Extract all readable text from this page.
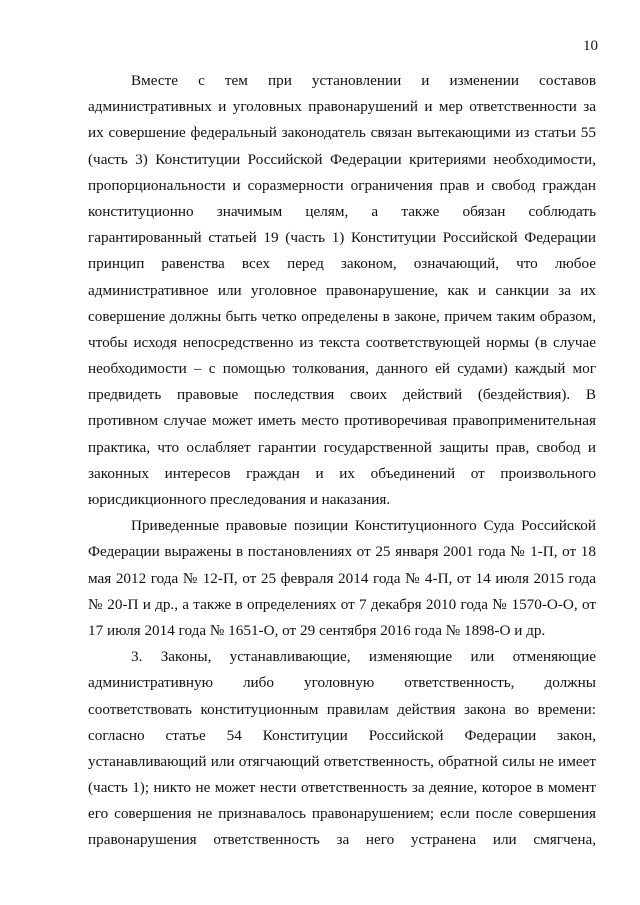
10
Вместе с тем при установлении и изменении составов
административных и уголовных правонарушений и мер ответственности за
их совершение федеральный законодатель связан вытекающими из статьи 55
(часть 3) Конституции Российской Федерации критериями необходимости,
пропорциональности и соразмерности ограничения прав и свобод граждан
конституционно значимым целям, а также обязан соблюдать
гарантированный статьей 19 (часть 1) Конституции Российской Федерации
принцип равенства всех перед законом, означающий, что любое
административное или уголовное правонарушение, как и санкции за их
совершение должны быть четко определены в законе, причем таким образом,
чтобы исходя непосредственно из текста соответствующей нормы (в случае
необходимости – с помощью толкования, данного ей судами) каждый мог
предвидеть правовые последствия своих действий (бездействия). В
противном случае может иметь место противоречивая правоприменительная
практика, что ослабляет гарантии государственной защиты прав, свобод и
законных интересов граждан и их объединений от произвольного
юрисдикционного преследования и наказания.
Приведенные правовые позиции Конституционного Суда Российской
Федерации выражены в постановлениях от 25 января 2001 года № 1-П, от 18
мая 2012 года № 12-П, от 25 февраля 2014 года № 4-П, от 14 июля 2015 года
№ 20-П и др., а также в определениях от 7 декабря 2010 года № 1570-О-О, от
17 июля 2014 года № 1651-О, от 29 сентября 2016 года № 1898-О и др.
3. Законы, устанавливающие, изменяющие или отменяющие
административную либо уголовную ответственность, должны
соответствовать конституционным правилам действия закона во времени:
согласно статье 54 Конституции Российской Федерации закон,
устанавливающий или отягчающий ответственность, обратной силы не имеет
(часть 1); никто не может нести ответственность за деяние, которое в момент
его совершения не признавалось правонарушением; если после совершения
правонарушения ответственность за него устранена или смягчена,
